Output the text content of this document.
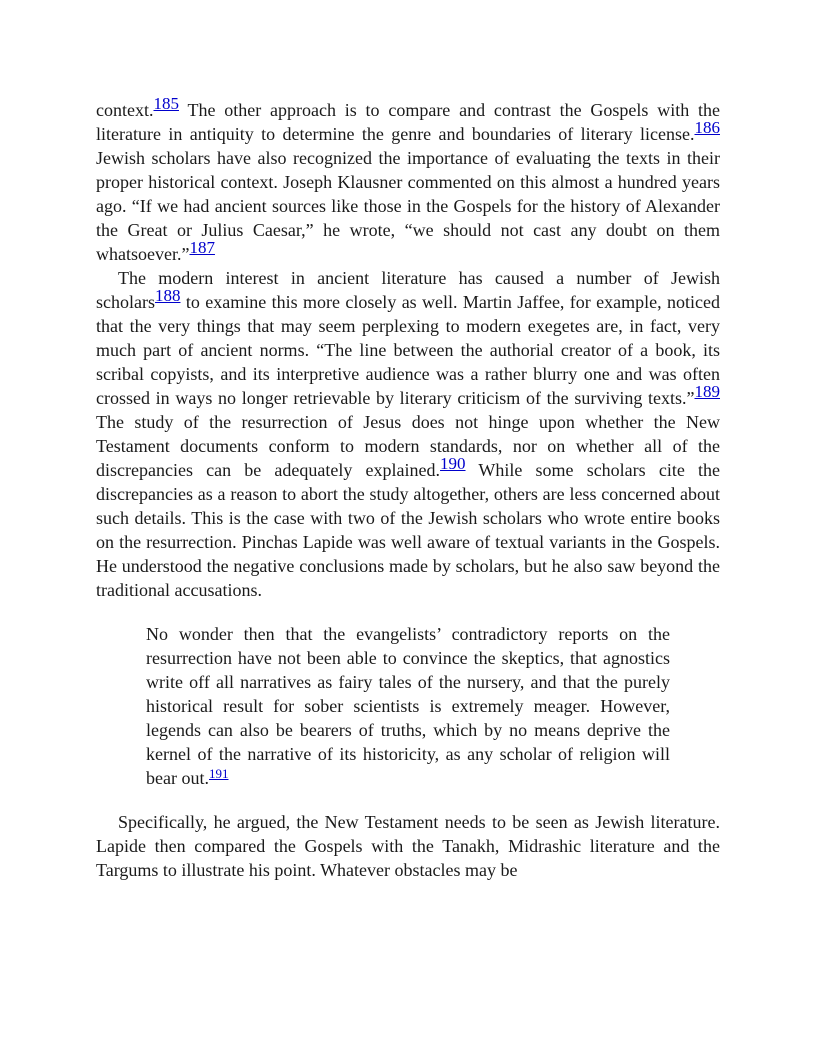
context.185 The other approach is to compare and contrast the Gospels with the literature in antiquity to determine the genre and boundaries of literary license.186 Jewish scholars have also recognized the importance of evaluating the texts in their proper historical context. Joseph Klausner commented on this almost a hundred years ago. “If we had ancient sources like those in the Gospels for the history of Alexander the Great or Julius Caesar,” he wrote, “we should not cast any doubt on them whatsoever.”187

The modern interest in ancient literature has caused a number of Jewish scholars188 to examine this more closely as well. Martin Jaffee, for example, noticed that the very things that may seem perplexing to modern exegetes are, in fact, very much part of ancient norms. “The line between the authorial creator of a book, its scribal copyists, and its interpretive audience was a rather blurry one and was often crossed in ways no longer retrievable by literary criticism of the surviving texts.”189 The study of the resurrection of Jesus does not hinge upon whether the New Testament documents conform to modern standards, nor on whether all of the discrepancies can be adequately explained.190 While some scholars cite the discrepancies as a reason to abort the study altogether, others are less concerned about such details. This is the case with two of the Jewish scholars who wrote entire books on the resurrection. Pinchas Lapide was well aware of textual variants in the Gospels. He understood the negative conclusions made by scholars, but he also saw beyond the traditional accusations.

No wonder then that the evangelists’ contradictory reports on the resurrection have not been able to convince the skeptics, that agnostics write off all narratives as fairy tales of the nursery, and that the purely historical result for sober scientists is extremely meager. However, legends can also be bearers of truths, which by no means deprive the kernel of the narrative of its historicity, as any scholar of religion will bear out.$^{191}$

Specifically, he argued, the New Testament needs to be seen as Jewish literature. Lapide then compared the Gospels with the Tanakh, Midrashic literature and the Targums to illustrate his point. Whatever obstacles may be
